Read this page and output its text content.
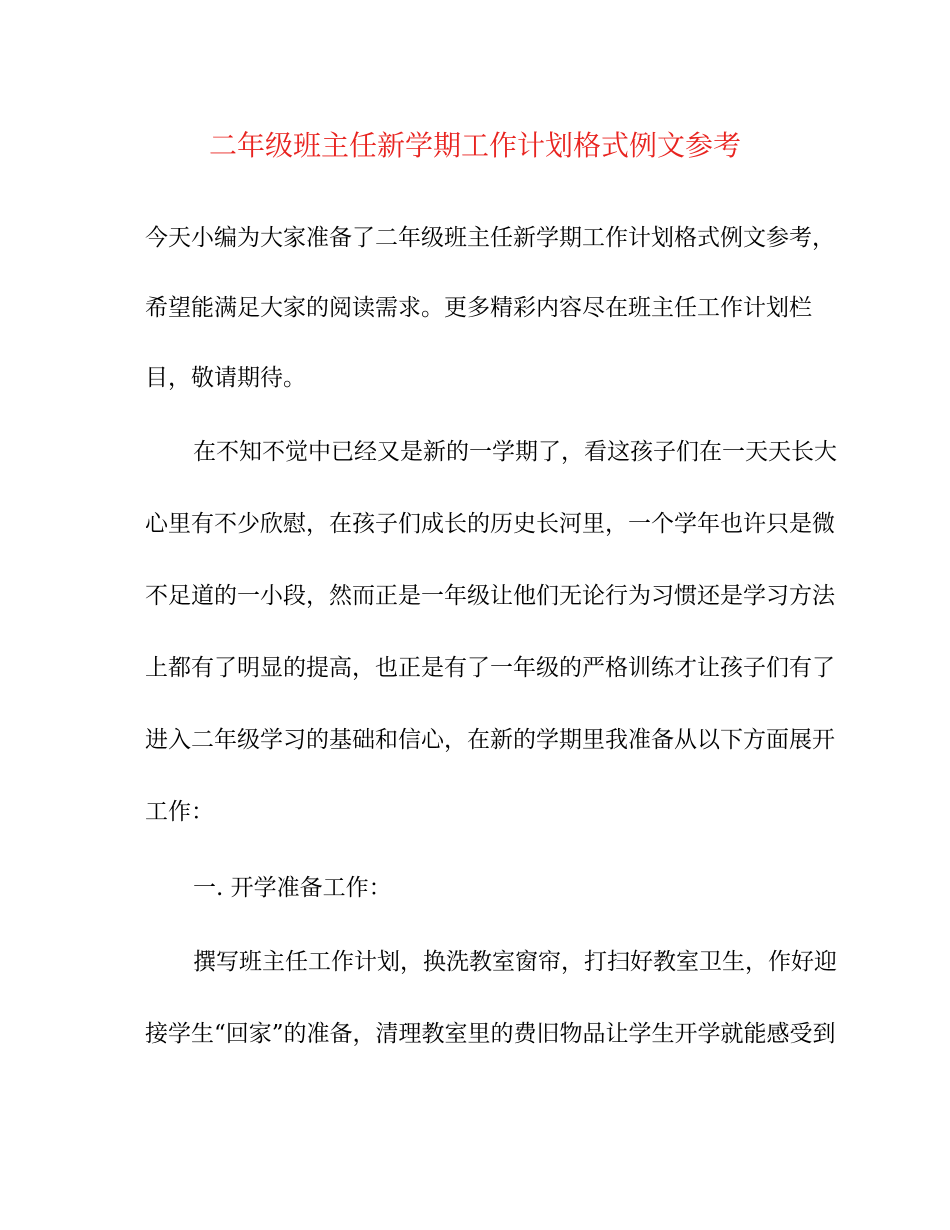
二年级班主任新学期工作计划格式例文参考
今天小编为大家准备了二年级班主任新学期工作计划格式例文参考，
希望能满足大家的阅读需求。更多精彩内容尽在班主任工作计划栏
目，敬请期待。
在不知不觉中已经又是新的一学期了，看这孩子们在一天天长大
心里有不少欣慰，在孩子们成长的历史长河里，一个学年也许只是微
不足道的一小段，然而正是一年级让他们无论行为习惯还是学习方法
上都有了明显的提高，也正是有了一年级的严格训练才让孩子们有了
进入二年级学习的基础和信心，在新的学期里我准备从以下方面展开
工作：
一. 开学准备工作：
撰写班主任工作计划，换洗教室窗帘，打扫好教室卫生，作好迎
接学生“回家”的准备，清理教室里的费旧物品让学生开学就能感受到
